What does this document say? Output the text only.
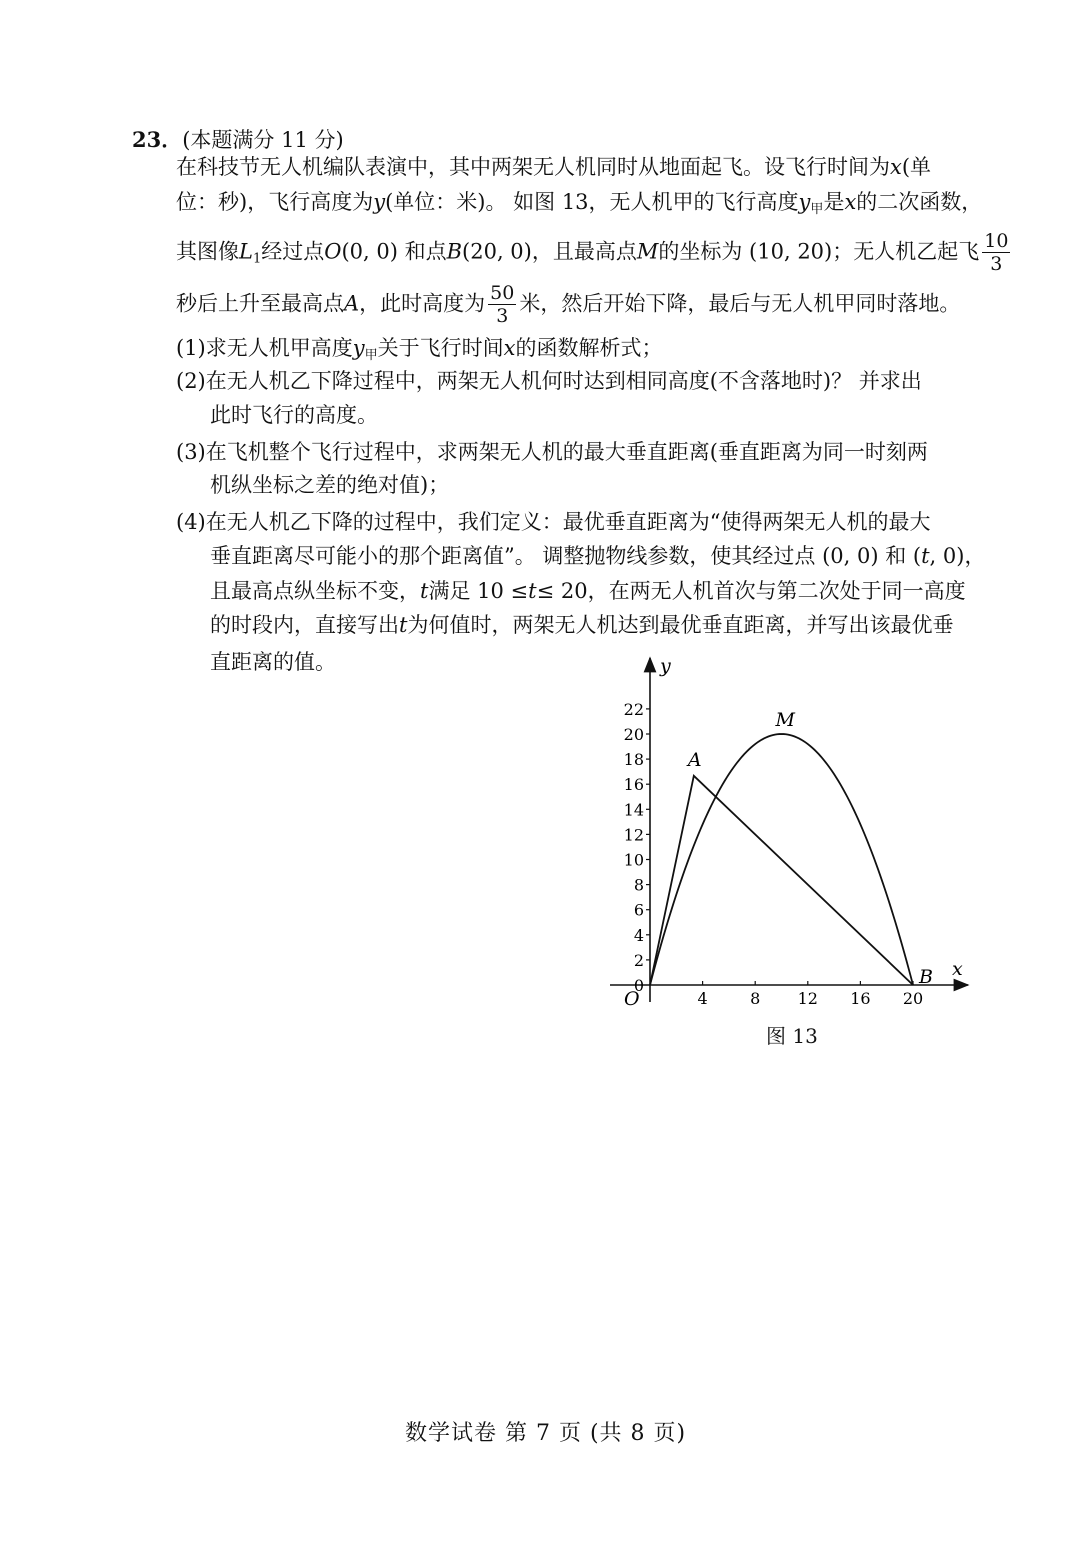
23．(本题满分 11 分)
在科技节无人机编队表演中，其中两架无人机同时从地面起飞。设飞行时间为x(单
位：秒)，飞行高度为y(单位：米)。 如图 13，无人机甲的飞行高度$y_甲$是x的二次函数，
其图像$L_1$经过点O(0, 0) 和点B(20, 0)，且最高点M的坐标为 (10, 20)；无人机乙起飞 $\frac{10}{3}$
秒后上升至最高点A，此时高度为 $\frac{50}{3}$ 米，然后开始下降，最后与无人机甲同时落地。
(1)求无人机甲高度$y_甲$关于飞行时间x的函数解析式；
(2)在无人机乙下降过程中，两架无人机何时达到相同高度(不含落地时)？ 并求出
此时飞行的高度。
(3)在飞机整个飞行过程中，求两架无人机的最大垂直距离(垂直距离为同一时刻两
机纵坐标之差的绝对值)；
(4)在无人机乙下降的过程中，我们定义：最优垂直距离为“使得两架无人机的最大
垂直距离尽可能小的那个距离值”。 调整抛物线参数，使其经过点 (0, 0) 和 (t, 0)，
且最高点纵坐标不变，t满足 10 ≤t≤ 20，在两无人机首次与第二次处于同一高度
的时段内，直接写出t为何值时，两架无人机达到最优垂直距离，并写出该最优垂
直距离的值。
x
y
O
0
2
4
6
8
10
12
14
16
18
20
22
4	8 12 16 20
A
M
B
图 13
数学试卷 第 7 页 (共 8 页)
